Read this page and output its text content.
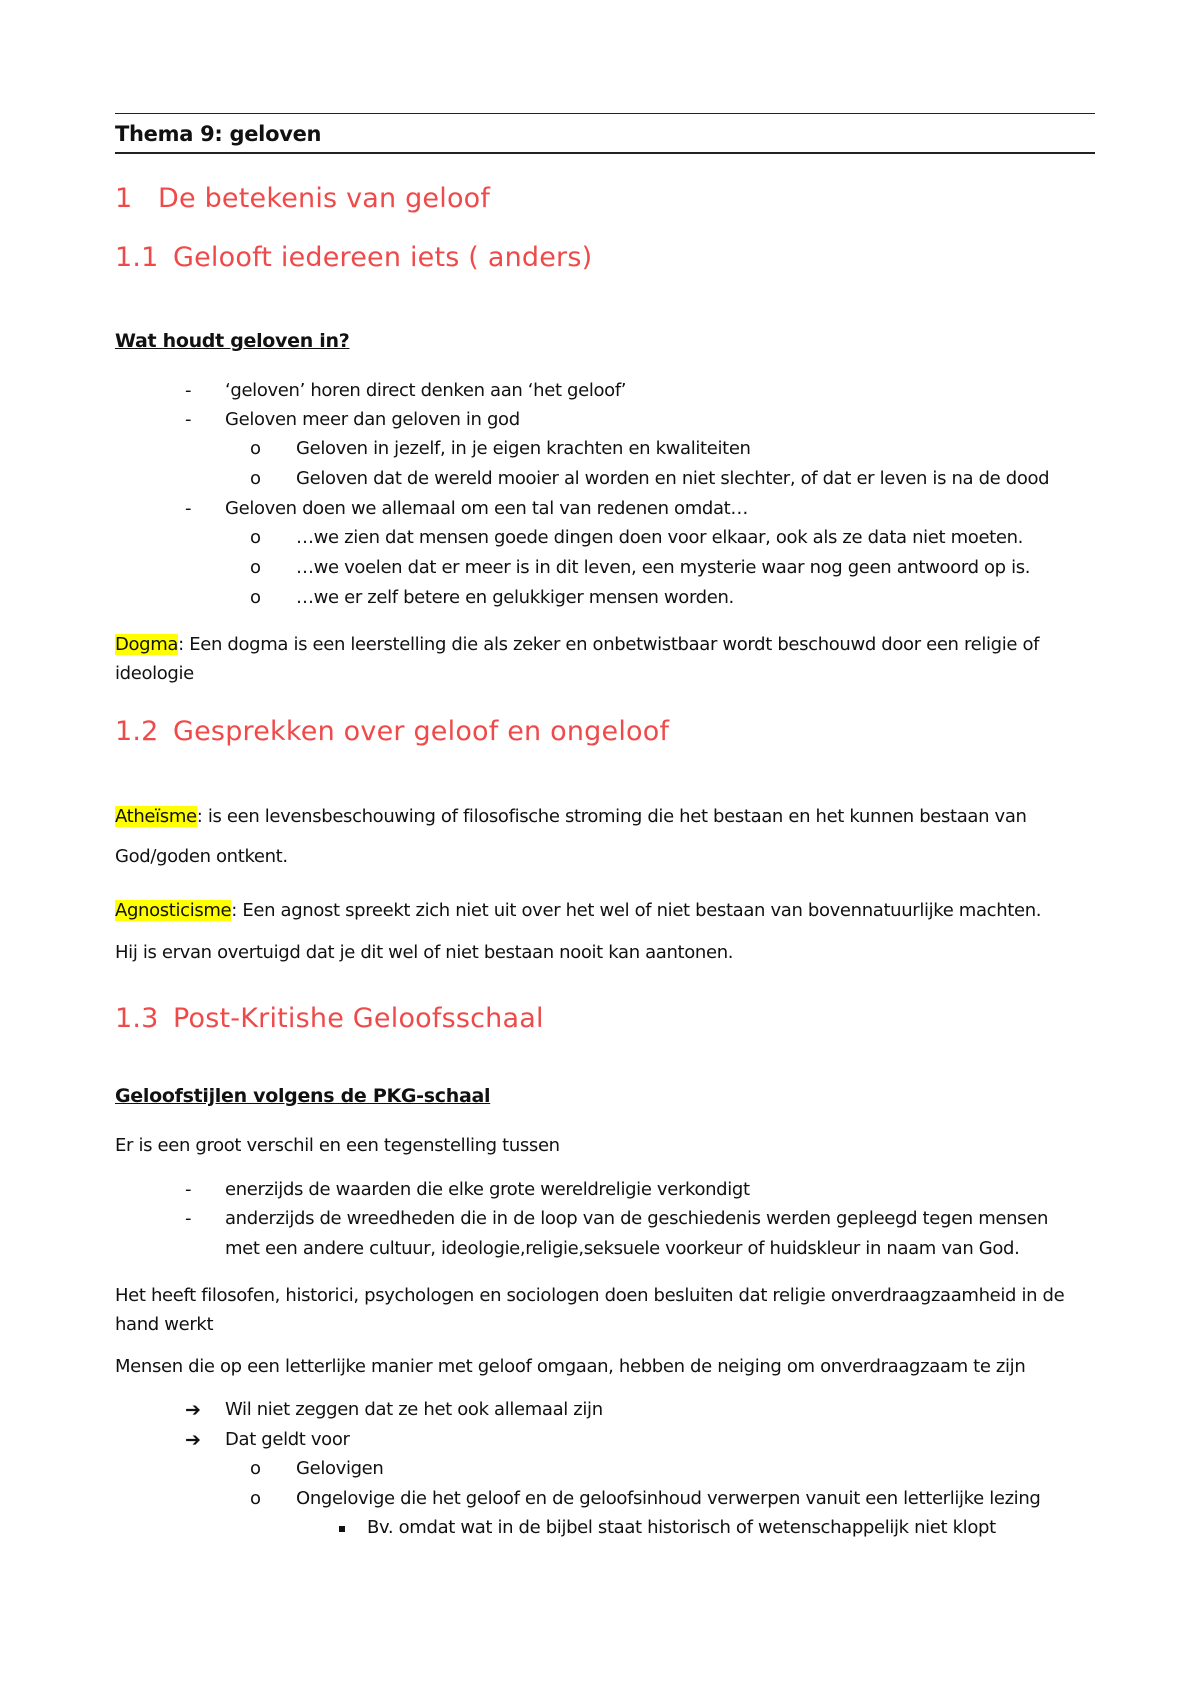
Thema 9: geloven
1 De betekenis van geloof
1.1 Gelooft iedereen iets ( anders)
Wat houdt geloven in?
- ‘geloven’ horen direct denken aan ‘het geloof’
- Geloven meer dan geloven in god
o Geloven in jezelf, in je eigen krachten en kwaliteiten
o Geloven dat de wereld mooier al worden en niet slechter, of dat er leven is na de dood
- Geloven doen we allemaal om een tal van redenen omdat…
o …we zien dat mensen goede dingen doen voor elkaar, ook als ze data niet moeten.
o …we voelen dat er meer is in dit leven, een mysterie waar nog geen antwoord op is.
o …we er zelf betere en gelukkiger mensen worden.
Dogma: Een dogma is een leerstelling die als zeker en onbetwistbaar wordt beschouwd door een religie of ideologie
1.2 Gesprekken over geloof en ongeloof
Atheïsme: is een levensbeschouwing of filosofische stroming die het bestaan en het kunnen bestaan van God/goden ontkent.
Agnosticisme: Een agnost spreekt zich niet uit over het wel of niet bestaan van bovennatuurlijke machten.
Hij is ervan overtuigd dat je dit wel of niet bestaan nooit kan aantonen.
1.3 Post-Kritishe Geloofsschaal
Geloofstijlen volgens de PKG-schaal
Er is een groot verschil en een tegenstelling tussen
- enerzijds de waarden die elke grote wereldreligie verkondigt
- anderzijds de wreedheden die in de loop van de geschiedenis werden gepleegd tegen mensen
met een andere cultuur, ideologie,religie,seksuele voorkeur of huidskleur in naam van God.
Het heeft filosofen, historici, psychologen en sociologen doen besluiten dat religie onverdraagzaamheid in de hand werkt
Mensen die op een letterlijke manier met geloof omgaan, hebben de neiging om onverdraagzaam te zijn
➔ Wil niet zeggen dat ze het ook allemaal zijn
➔ Dat geldt voor
o Gelovigen
o Ongelovige die het geloof en de geloofsinhoud verwerpen vanuit een letterlijke lezing
Bv. omdat wat in de bijbel staat historisch of wetenschappelijk niet klopt
